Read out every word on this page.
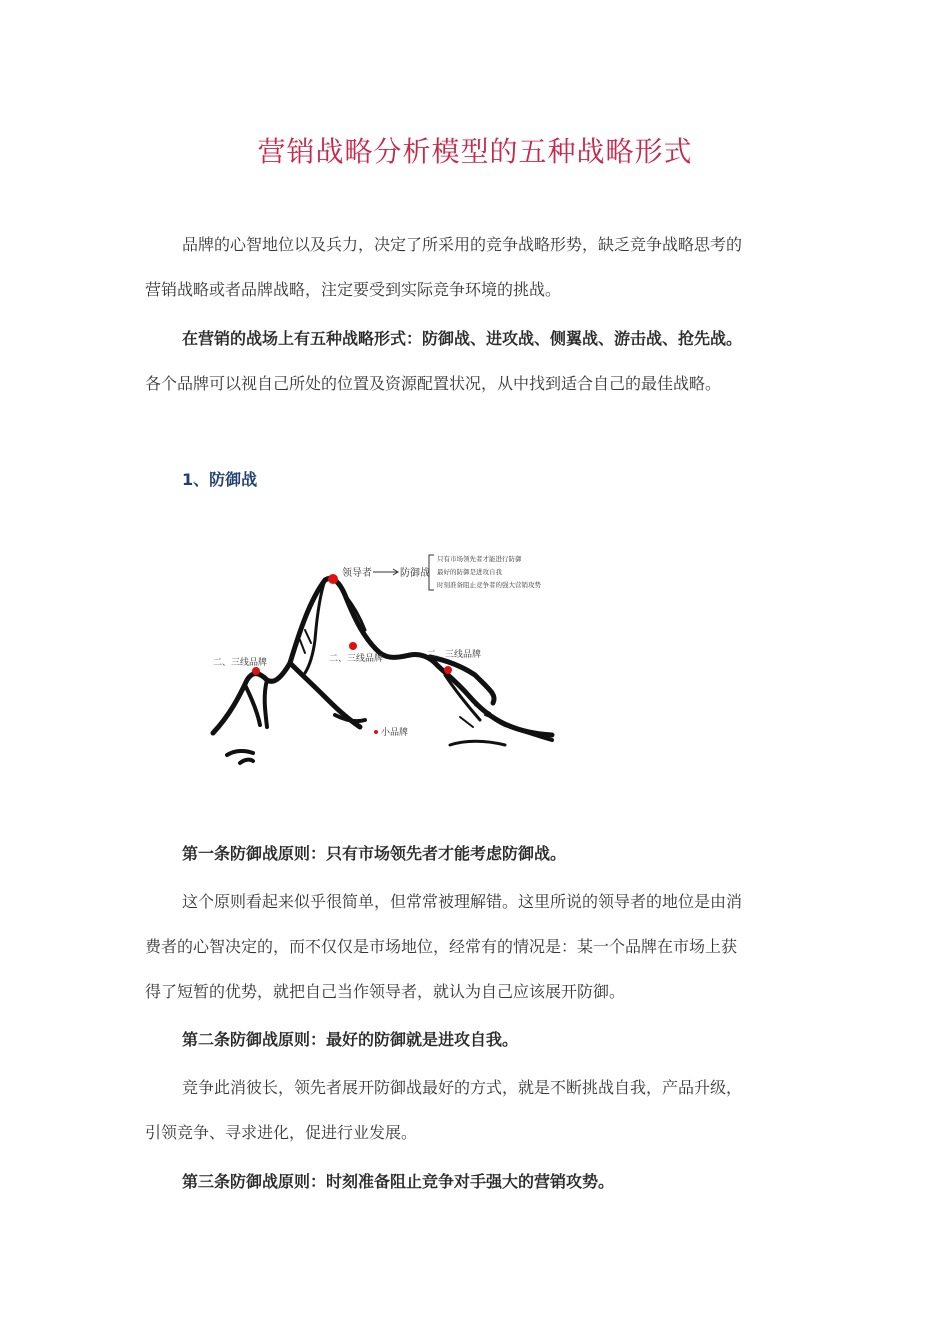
营销战略分析模型的五种战略形式
品牌的心智地位以及兵力，决定了所采用的竞争战略形势，缺乏竞争战略思考的
营销战略或者品牌战略，注定要受到实际竞争环境的挑战。
在营销的战场上有五种战略形式：防御战、进攻战、侧翼战、游击战、抢先战。
各个品牌可以视自己所处的位置及资源配置状况，从中找到适合自己的最佳战略。
1、防御战
领导者	防御战
只有市场领先者才能进行防御
最好的防御是进攻自我
时刻准备阻止竞争者的强大营销攻势
二、三线品牌	二、三线品牌	二、三线品牌
小品牌
第一条防御战原则：只有市场领先者才能考虑防御战。
这个原则看起来似乎很简单，但常常被理解错。这里所说的领导者的地位是由消
费者的心智决定的，而不仅仅是市场地位，经常有的情况是：某一个品牌在市场上获
得了短暂的优势，就把自己当作领导者，就认为自己应该展开防御。
第二条防御战原则：最好的防御就是进攻自我。
竞争此消彼长，领先者展开防御战最好的方式，就是不断挑战自我，产品升级，
引领竞争、寻求进化，促进行业发展。
第三条防御战原则：时刻准备阻止竞争对手强大的营销攻势。
